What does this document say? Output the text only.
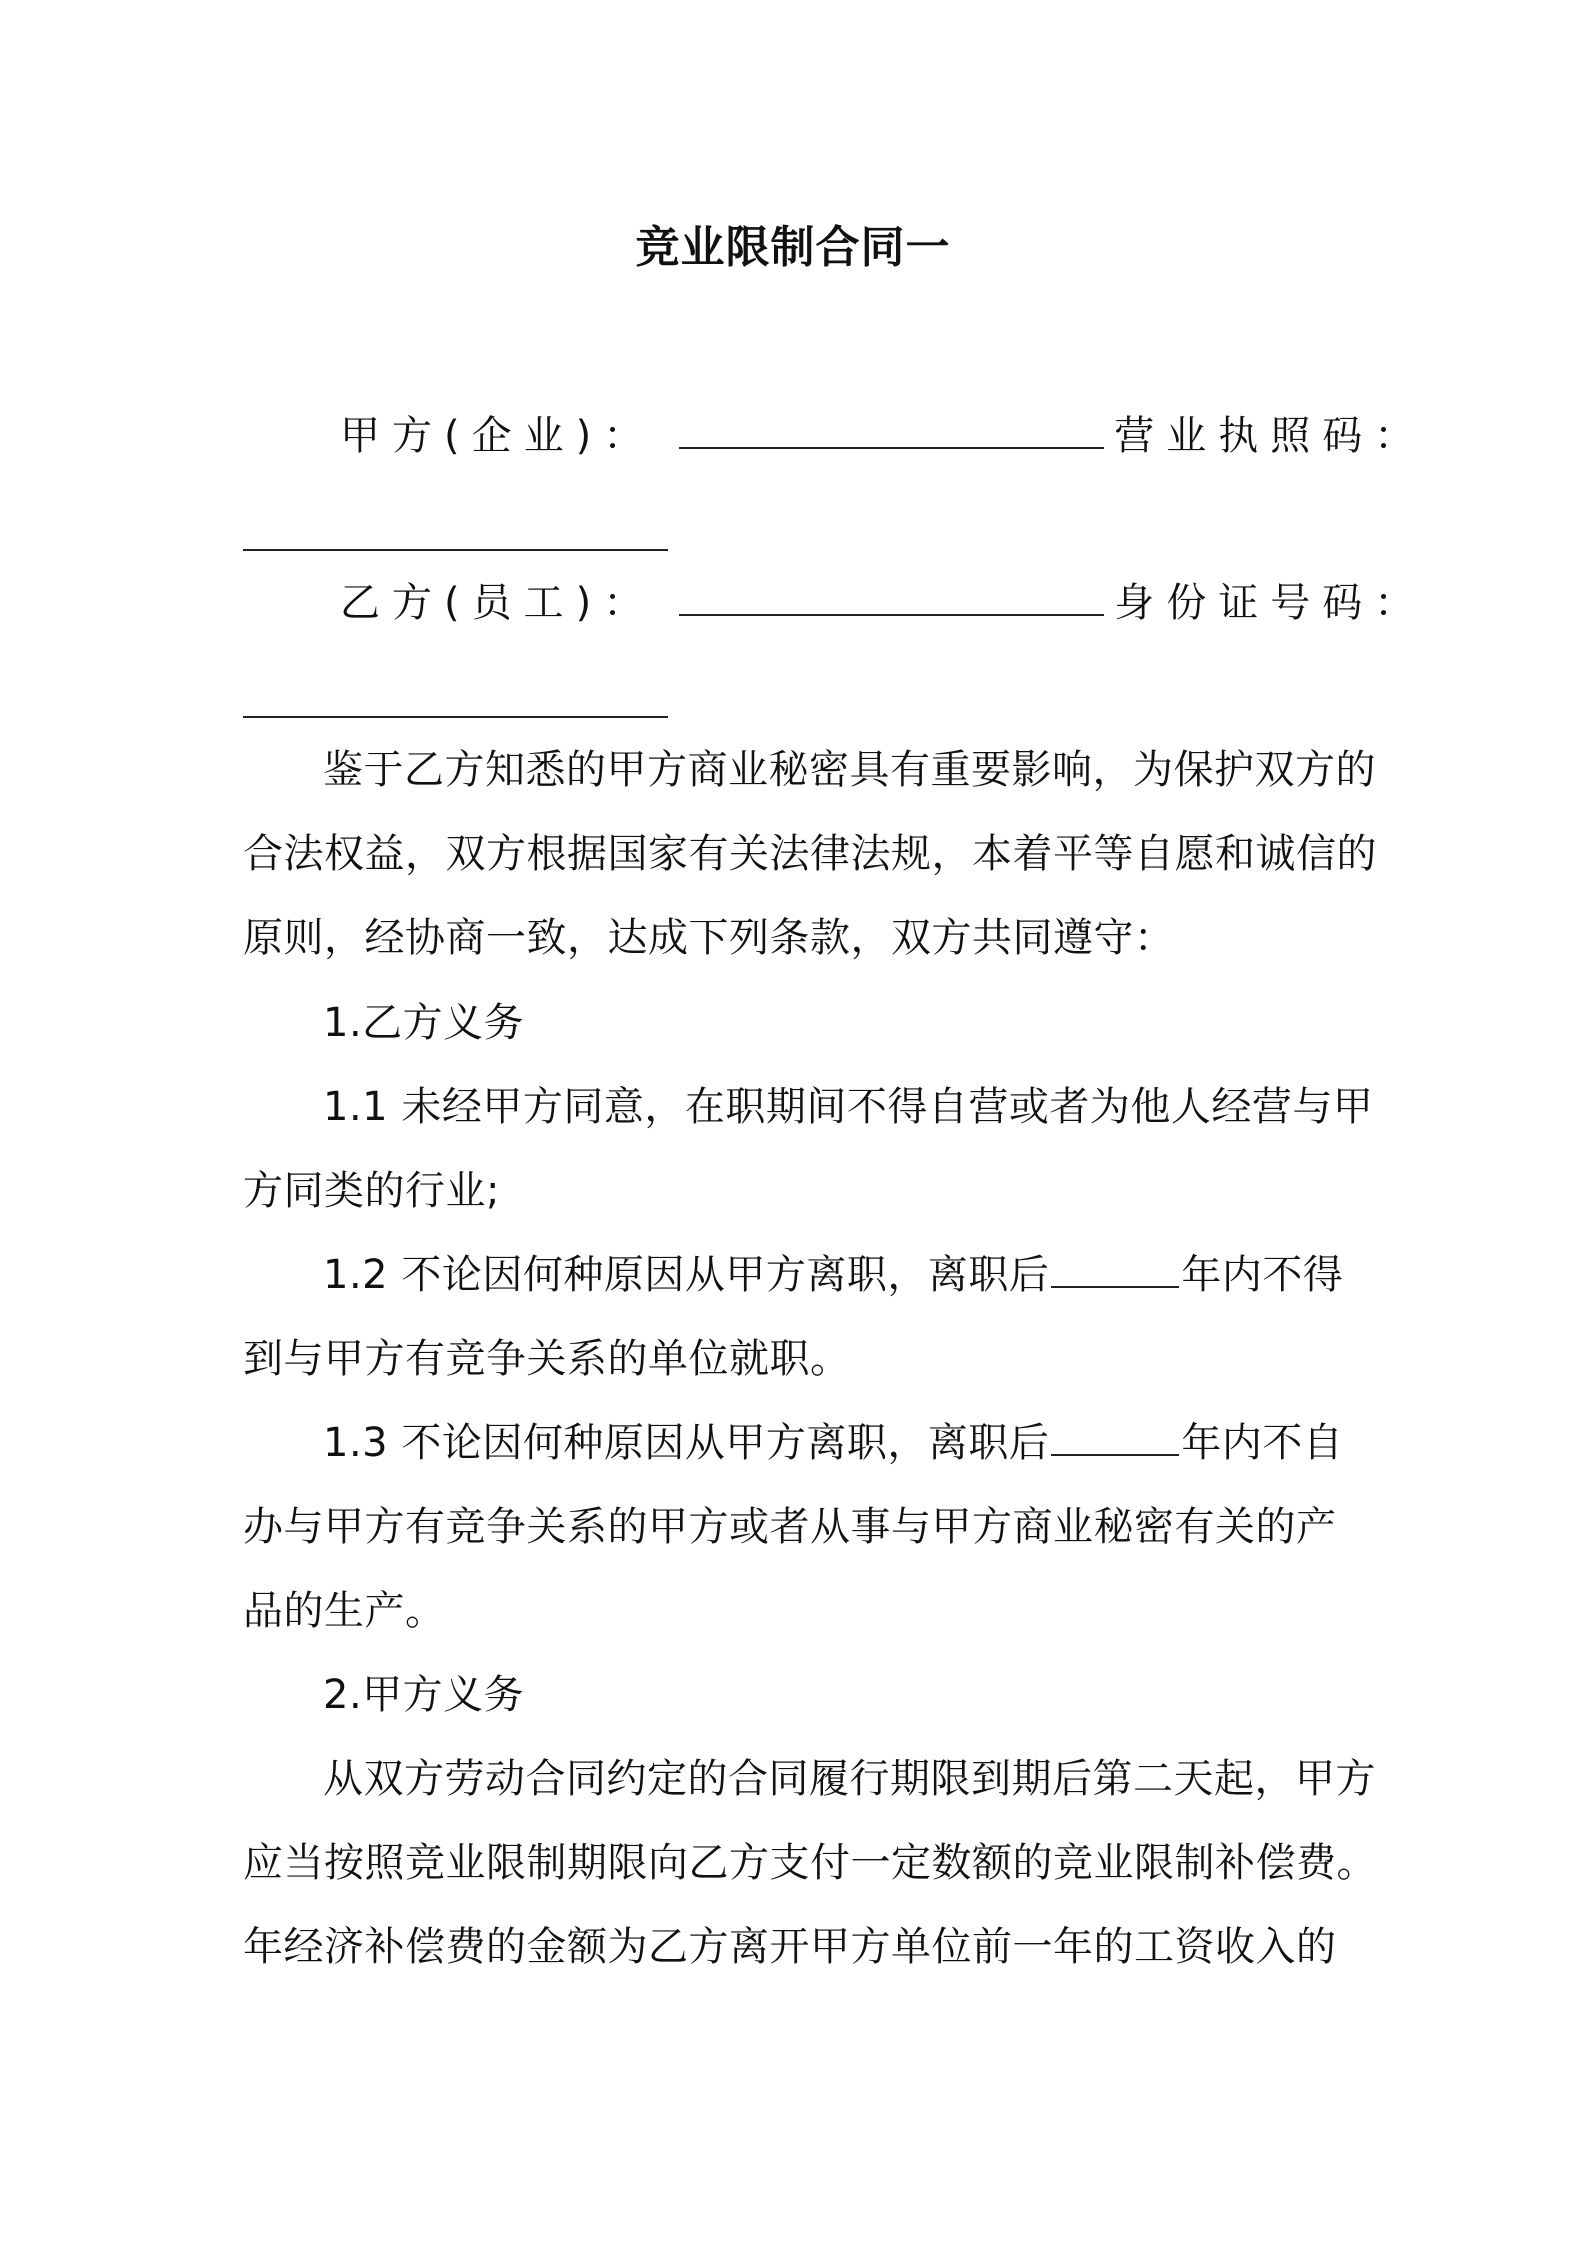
竞业限制合同一
甲方(企业)：	营业执照码：
乙方(员工)：	身份证号码：
鉴于乙方知悉的甲方商业秘密具有重要影响，为保护双方的
合法权益，双方根据国家有关法律法规，本着平等自愿和诚信的
原则，经协商一致，达成下列条款，双方共同遵守：
1.乙方义务
1.1 未经甲方同意，在职期间不得自营或者为他人经营与甲
方同类的行业;
1.2 不论因何种原因从甲方离职，离职后	年内不得
到与甲方有竞争关系的单位就职。
1.3 不论因何种原因从甲方离职，离职后	年内不自
办与甲方有竞争关系的甲方或者从事与甲方商业秘密有关的产
品的生产。
2.甲方义务
从双方劳动合同约定的合同履行期限到期后第二天起，甲方
应当按照竞业限制期限向乙方支付一定数额的竞业限制补偿费。
年经济补偿费的金额为乙方离开甲方单位前一年的工资收入的
